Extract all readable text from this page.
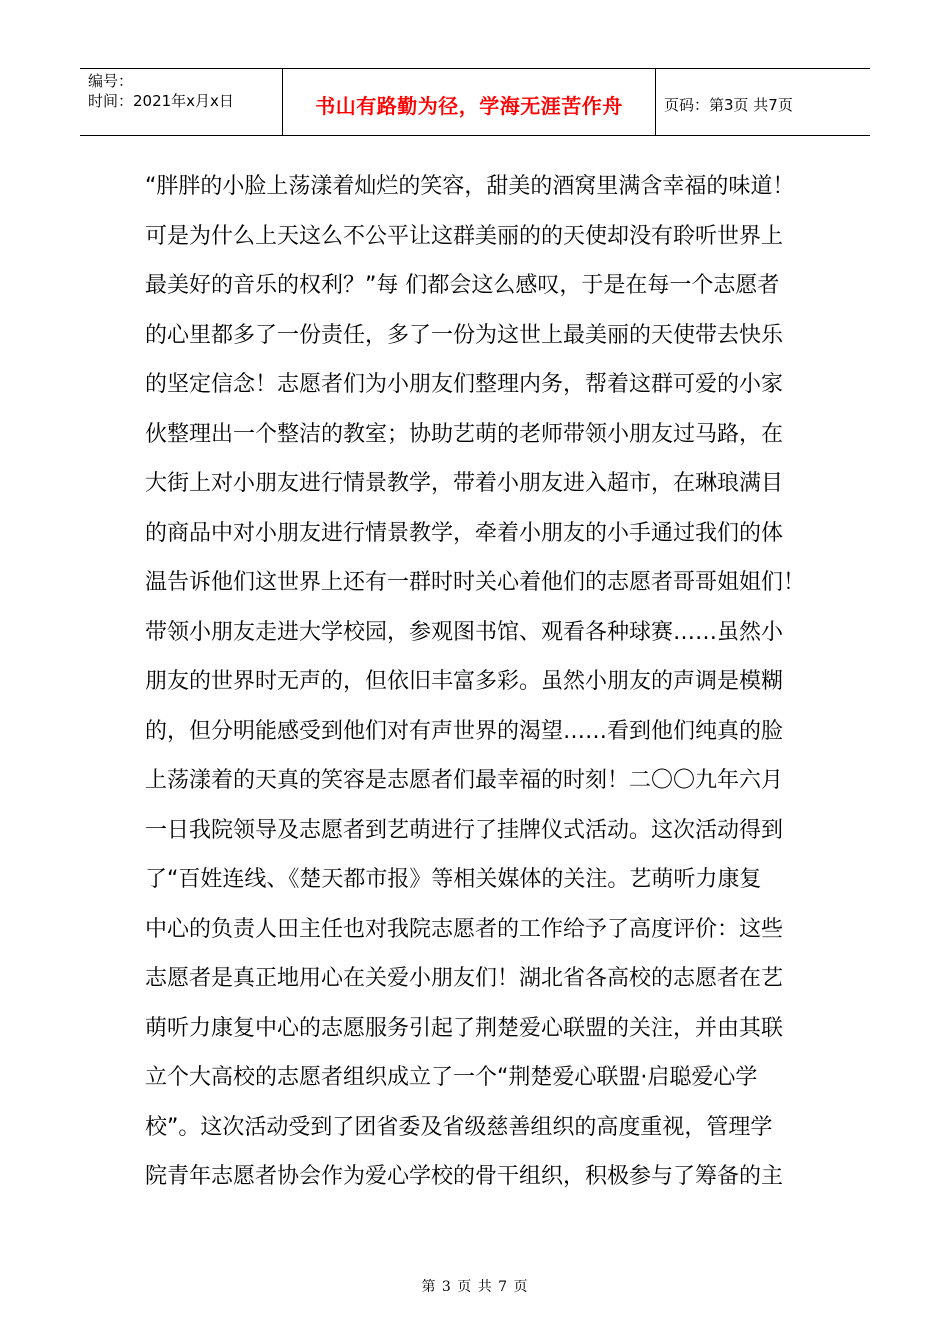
编号：
时间：2021年x月x日	书山有路勤为径，学海无涯苦作舟	页码：第3页 共7页
“胖胖的小脸上荡漾着灿烂的笑容，甜美的酒窝里满含幸福的味道！
可是为什么上天这么不公平让这群美丽的的天使却没有聆听世界上
最美好的音乐的权利？”每 们都会这么感叹，于是在每一个志愿者
的心里都多了一份责任，多了一份为这世上最美丽的天使带去快乐
的坚定信念！志愿者们为小朋友们整理内务，帮着这群可爱的小家
伙整理出一个整洁的教室；协助艺萌的老师带领小朋友过马路，在
大街上对小朋友进行情景教学，带着小朋友进入超市，在琳琅满目
的商品中对小朋友进行情景教学，牵着小朋友的小手通过我们的体
温告诉他们这世界上还有一群时时关心着他们的志愿者哥哥姐姐们！
带领小朋友走进大学校园，参观图书馆、观看各种球赛……虽然小
朋友的世界时无声的，但依旧丰富多彩。虽然小朋友的声调是模糊
的，但分明能感受到他们对有声世界的渴望……看到他们纯真的脸
上荡漾着的天真的笑容是志愿者们最幸福的时刻！二〇〇九年六月
一日我院领导及志愿者到艺萌进行了挂牌仪式活动。这次活动得到
了“百姓连线、《楚天都市报》等相关媒体的关注。艺萌听力康复
中心的负责人田主任也对我院志愿者的工作给予了高度评价：这些
志愿者是真正地用心在关爱小朋友们！湖北省各高校的志愿者在艺
萌听力康复中心的志愿服务引起了荆楚爱心联盟的关注，并由其联
立个大高校的志愿者组织成立了一个“荆楚爱心联盟·启聪爱心学
校”。这次活动受到了团省委及省级慈善组织的高度重视，管理学
院青年志愿者协会作为爱心学校的骨干组织，积极参与了筹备的主
第 3 页 共 7 页
